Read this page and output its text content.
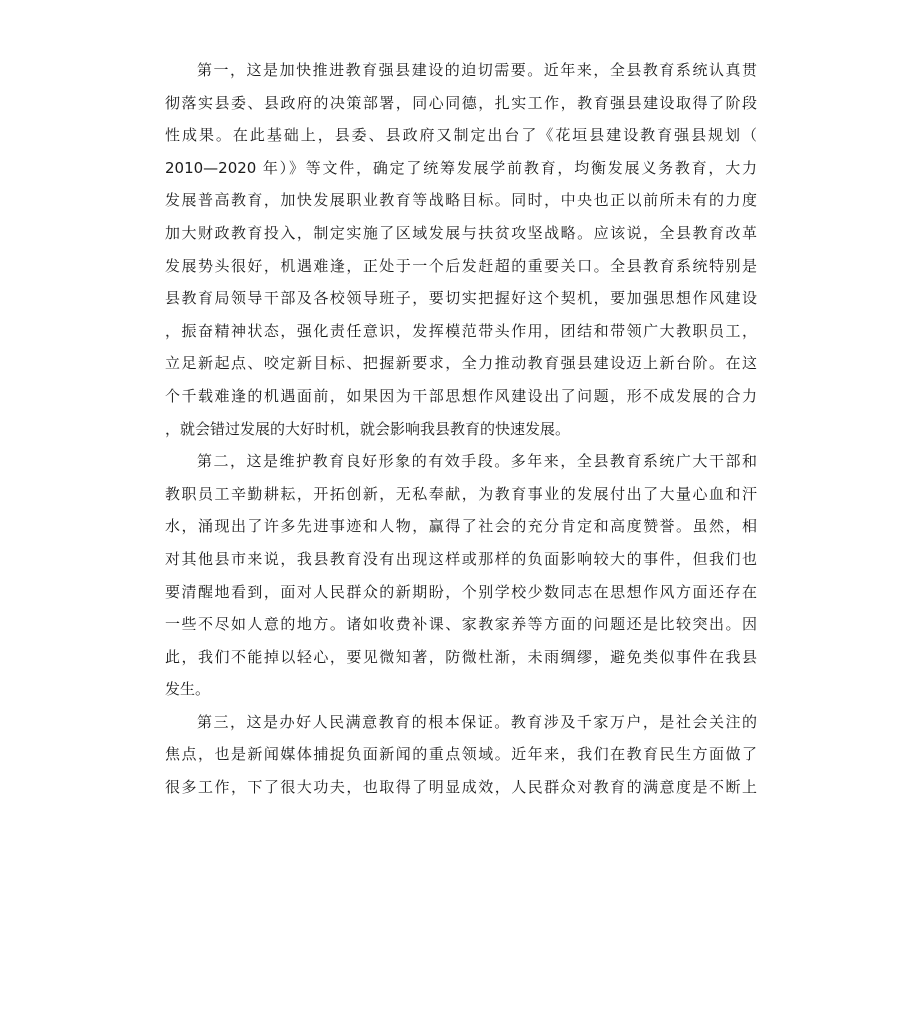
第一，这是加快推进教育强县建设的迫切需要。近年来，全县教育系统认真贯
彻落实县委、县政府的决策部署，同心同德，扎实工作，教育强县建设取得了阶段
性成果。在此基础上，县委、县政府又制定出台了《花垣县建设教育强县规划（
2010—2020 年）》等文件，确定了统筹发展学前教育，均衡发展义务教育，大力
发展普高教育，加快发展职业教育等战略目标。同时，中央也正以前所未有的力度
加大财政教育投入，制定实施了区域发展与扶贫攻坚战略。应该说，全县教育改革
发展势头很好，机遇难逢，正处于一个后发赶超的重要关口。全县教育系统特别是
县教育局领导干部及各校领导班子，要切实把握好这个契机，要加强思想作风建设
，振奋精神状态，强化责任意识，发挥模范带头作用，团结和带领广大教职员工，
立足新起点、咬定新目标、把握新要求，全力推动教育强县建设迈上新台阶。在这
个千载难逢的机遇面前，如果因为干部思想作风建设出了问题，形不成发展的合力
，就会错过发展的大好时机，就会影响我县教育的快速发展。
第二，这是维护教育良好形象的有效手段。多年来，全县教育系统广大干部和
教职员工辛勤耕耘，开拓创新，无私奉献，为教育事业的发展付出了大量心血和汗
水，涌现出了许多先进事迹和人物，赢得了社会的充分肯定和高度赞誉。虽然，相
对其他县市来说，我县教育没有出现这样或那样的负面影响较大的事件，但我们也
要清醒地看到，面对人民群众的新期盼，个别学校少数同志在思想作风方面还存在
一些不尽如人意的地方。诸如收费补课、家教家养等方面的问题还是比较突出。因
此，我们不能掉以轻心，要见微知著，防微杜渐，未雨绸缪，避免类似事件在我县
发生。
第三，这是办好人民满意教育的根本保证。教育涉及千家万户，是社会关注的
焦点，也是新闻媒体捕捉负面新闻的重点领域。近年来，我们在教育民生方面做了
很多工作，下了很大功夫，也取得了明显成效，人民群众对教育的满意度是不断上
